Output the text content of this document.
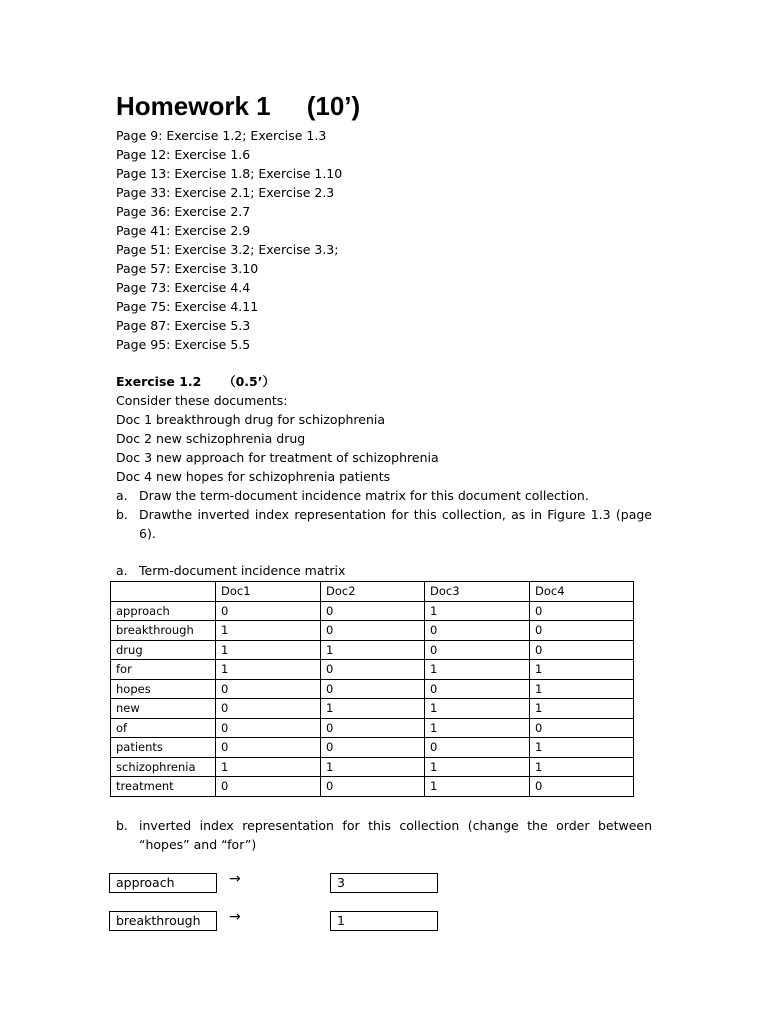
Homework 1     (10’)
Page 9: Exercise 1.2; Exercise 1.3
Page 12: Exercise 1.6
Page 13: Exercise 1.8; Exercise 1.10
Page 33: Exercise 2.1; Exercise 2.3
Page 36: Exercise 2.7
Page 41: Exercise 2.9
Page 51: Exercise 3.2; Exercise 3.3;
Page 57: Exercise 3.10
Page 73: Exercise 4.4
Page 75: Exercise 4.11
Page 87: Exercise 5.3
Page 95: Exercise 5.5
Exercise 1.2     （0.5’）
Consider these documents:
Doc 1 breakthrough drug for schizophrenia
Doc 2 new schizophrenia drug
Doc 3 new approach for treatment of schizophrenia
Doc 4 new hopes for schizophrenia patients
a. Draw the term-document incidence matrix for this document collection.
b. Drawthe inverted index representation for this collection, as in Figure 1.3 (page 6).
a. Term-document incidence matrix
	Doc1	Doc2	Doc3	Doc4
approach	0	0	1	0
breakthrough	1	0	0	0
drug	1	1	0	0
for	1	0	1	1
hopes	0	0	0	1
new	0	1	1	1
of	0	0	1	0
patients	0	0	0	1
schizophrenia	1	1	1	1
treatment	0	0	1	0
b. inverted index representation for this collection (change the order between “hopes” and “for”)
approach	→	3
breakthrough	→	1
